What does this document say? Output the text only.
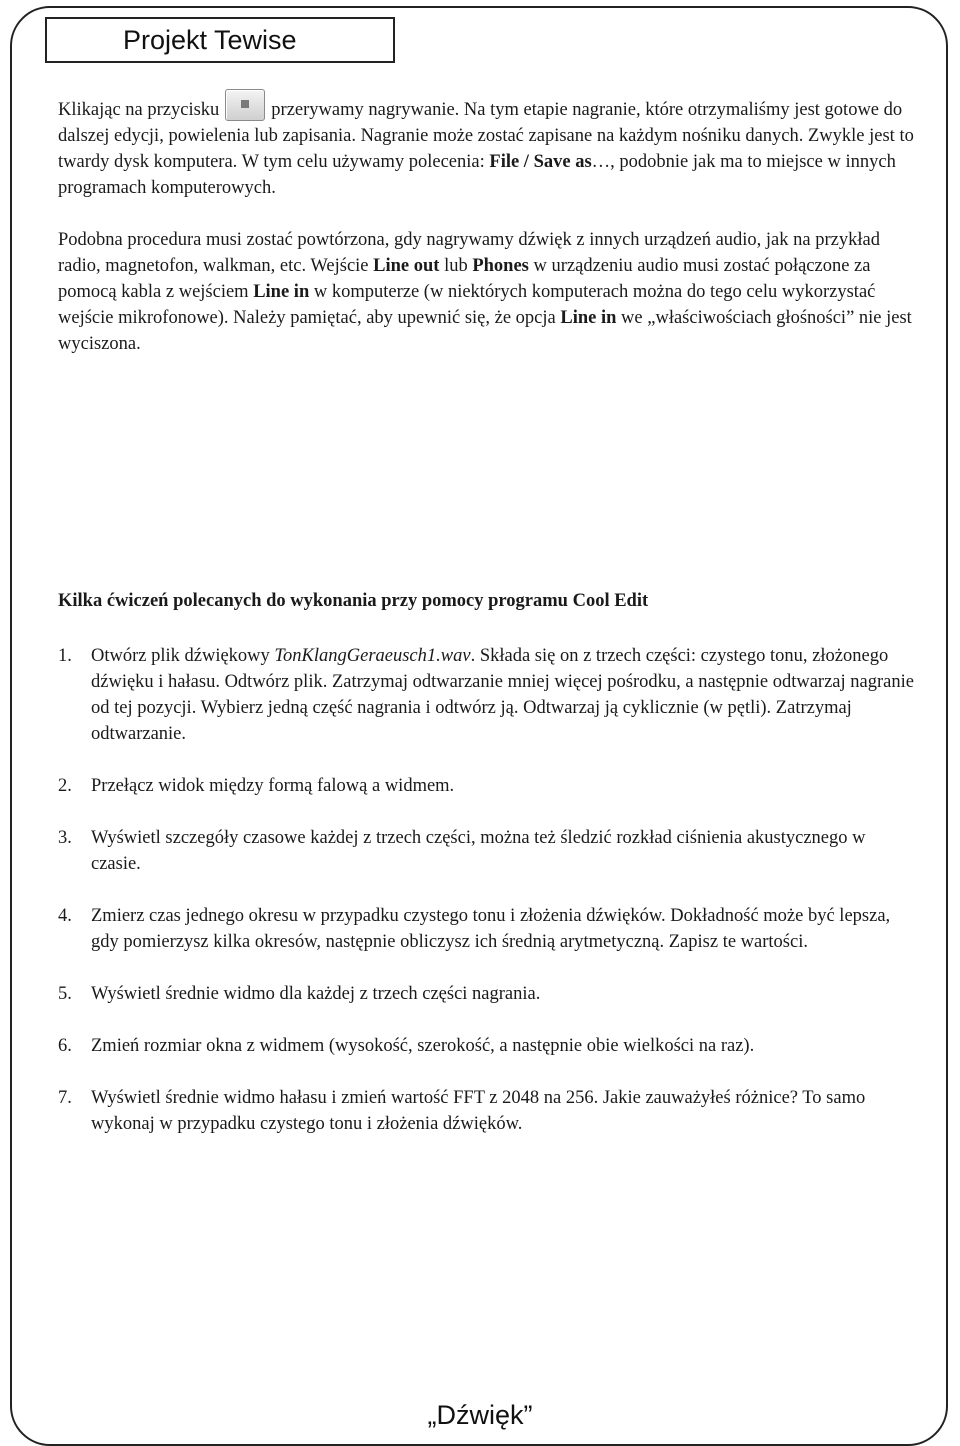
Projekt Tewise

Klikając na przycisku	przerywamy nagrywanie. Na tym etapie nagranie, które otrzymaliśmy jest gotowe do dalszej edycji, powielenia lub zapisania. Nagranie może zostać zapisane na każdym nośniku danych. Zwykle jest to twardy dysk komputera. W tym celu używamy polecenia: File / Save as…, podobnie jak ma to miejsce w innych programach komputerowych.

Podobna procedura musi zostać powtórzona, gdy nagrywamy dźwięk z innych urządzeń audio, jak na przykład radio, magnetofon, walkman, etc. Wejście Line out lub Phones w urządzeniu audio musi zostać połączone za pomocą kabla z wejściem Line in w komputerze (w niektórych komputerach można do tego celu wykorzystać wejście mikrofonowe). Należy pamiętać, aby upewnić się, że opcja Line in we „właściwościach głośności” nie jest wyciszona.

Kilka ćwiczeń polecanych do wykonania przy pomocy programu Cool Edit
1. Otwórz plik dźwiękowy TonKlangGeraeusch1.wav. Składa się on z trzech części: czystego tonu, złożonego dźwięku i hałasu. Odtwórz plik. Zatrzymaj odtwarzanie mniej więcej pośrodku, a następnie odtwarzaj nagranie od tej pozycji. Wybierz jedną część nagrania i odtwórz ją. Odtwarzaj ją cyklicznie (w pętli). Zatrzymaj odtwarzanie.
2. Przełącz widok między formą falową a widmem.
3. Wyświetl szczegóły czasowe każdej z trzech części, można też śledzić rozkład ciśnienia akustycznego w czasie.
4. Zmierz czas jednego okresu w przypadku czystego tonu i złożenia dźwięków. Dokładność może być lepsza, gdy pomierzysz kilka okresów, następnie obliczysz ich średnią arytmetyczną. Zapisz te wartości.
5. Wyświetl średnie widmo dla każdej z trzech części nagrania.
6. Zmień rozmiar okna z widmem (wysokość, szerokość, a następnie obie wielkości na raz).
7. Wyświetl średnie widmo hałasu i zmień wartość FFT z 2048 na 256. Jakie zauważyłeś różnice? To samo wykonaj w przypadku czystego tonu i złożenia dźwięków.
„Dźwięk”
